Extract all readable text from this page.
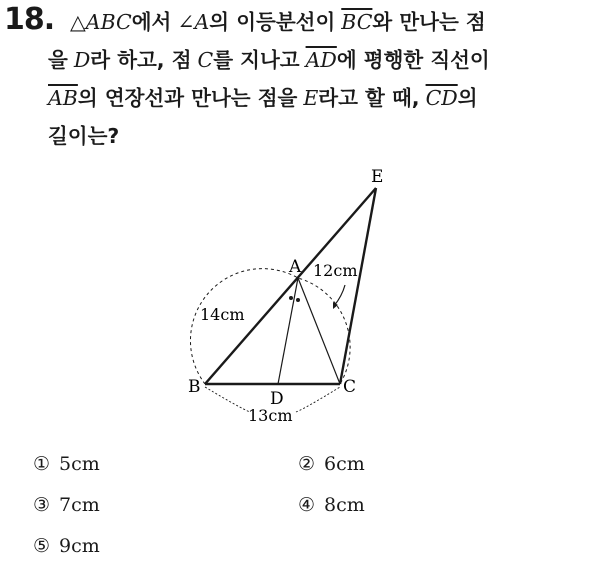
18. △ABC에서 ∠A의 이등분선이 $\overline{BC}$와 만나는 점
을 D라 하고, 점 C를 지나고 $\overline{AD}$에 평행한 직선이
$\overline{AB}$의 연장선과 만나는 점을 E라고 할 때, $\overline{CD}$의
길이는?
E
A
B	C
D
14cm
12cm
13cm
① 5cm	② 6cm
③ 7cm	④ 8cm
⑤ 9cm
